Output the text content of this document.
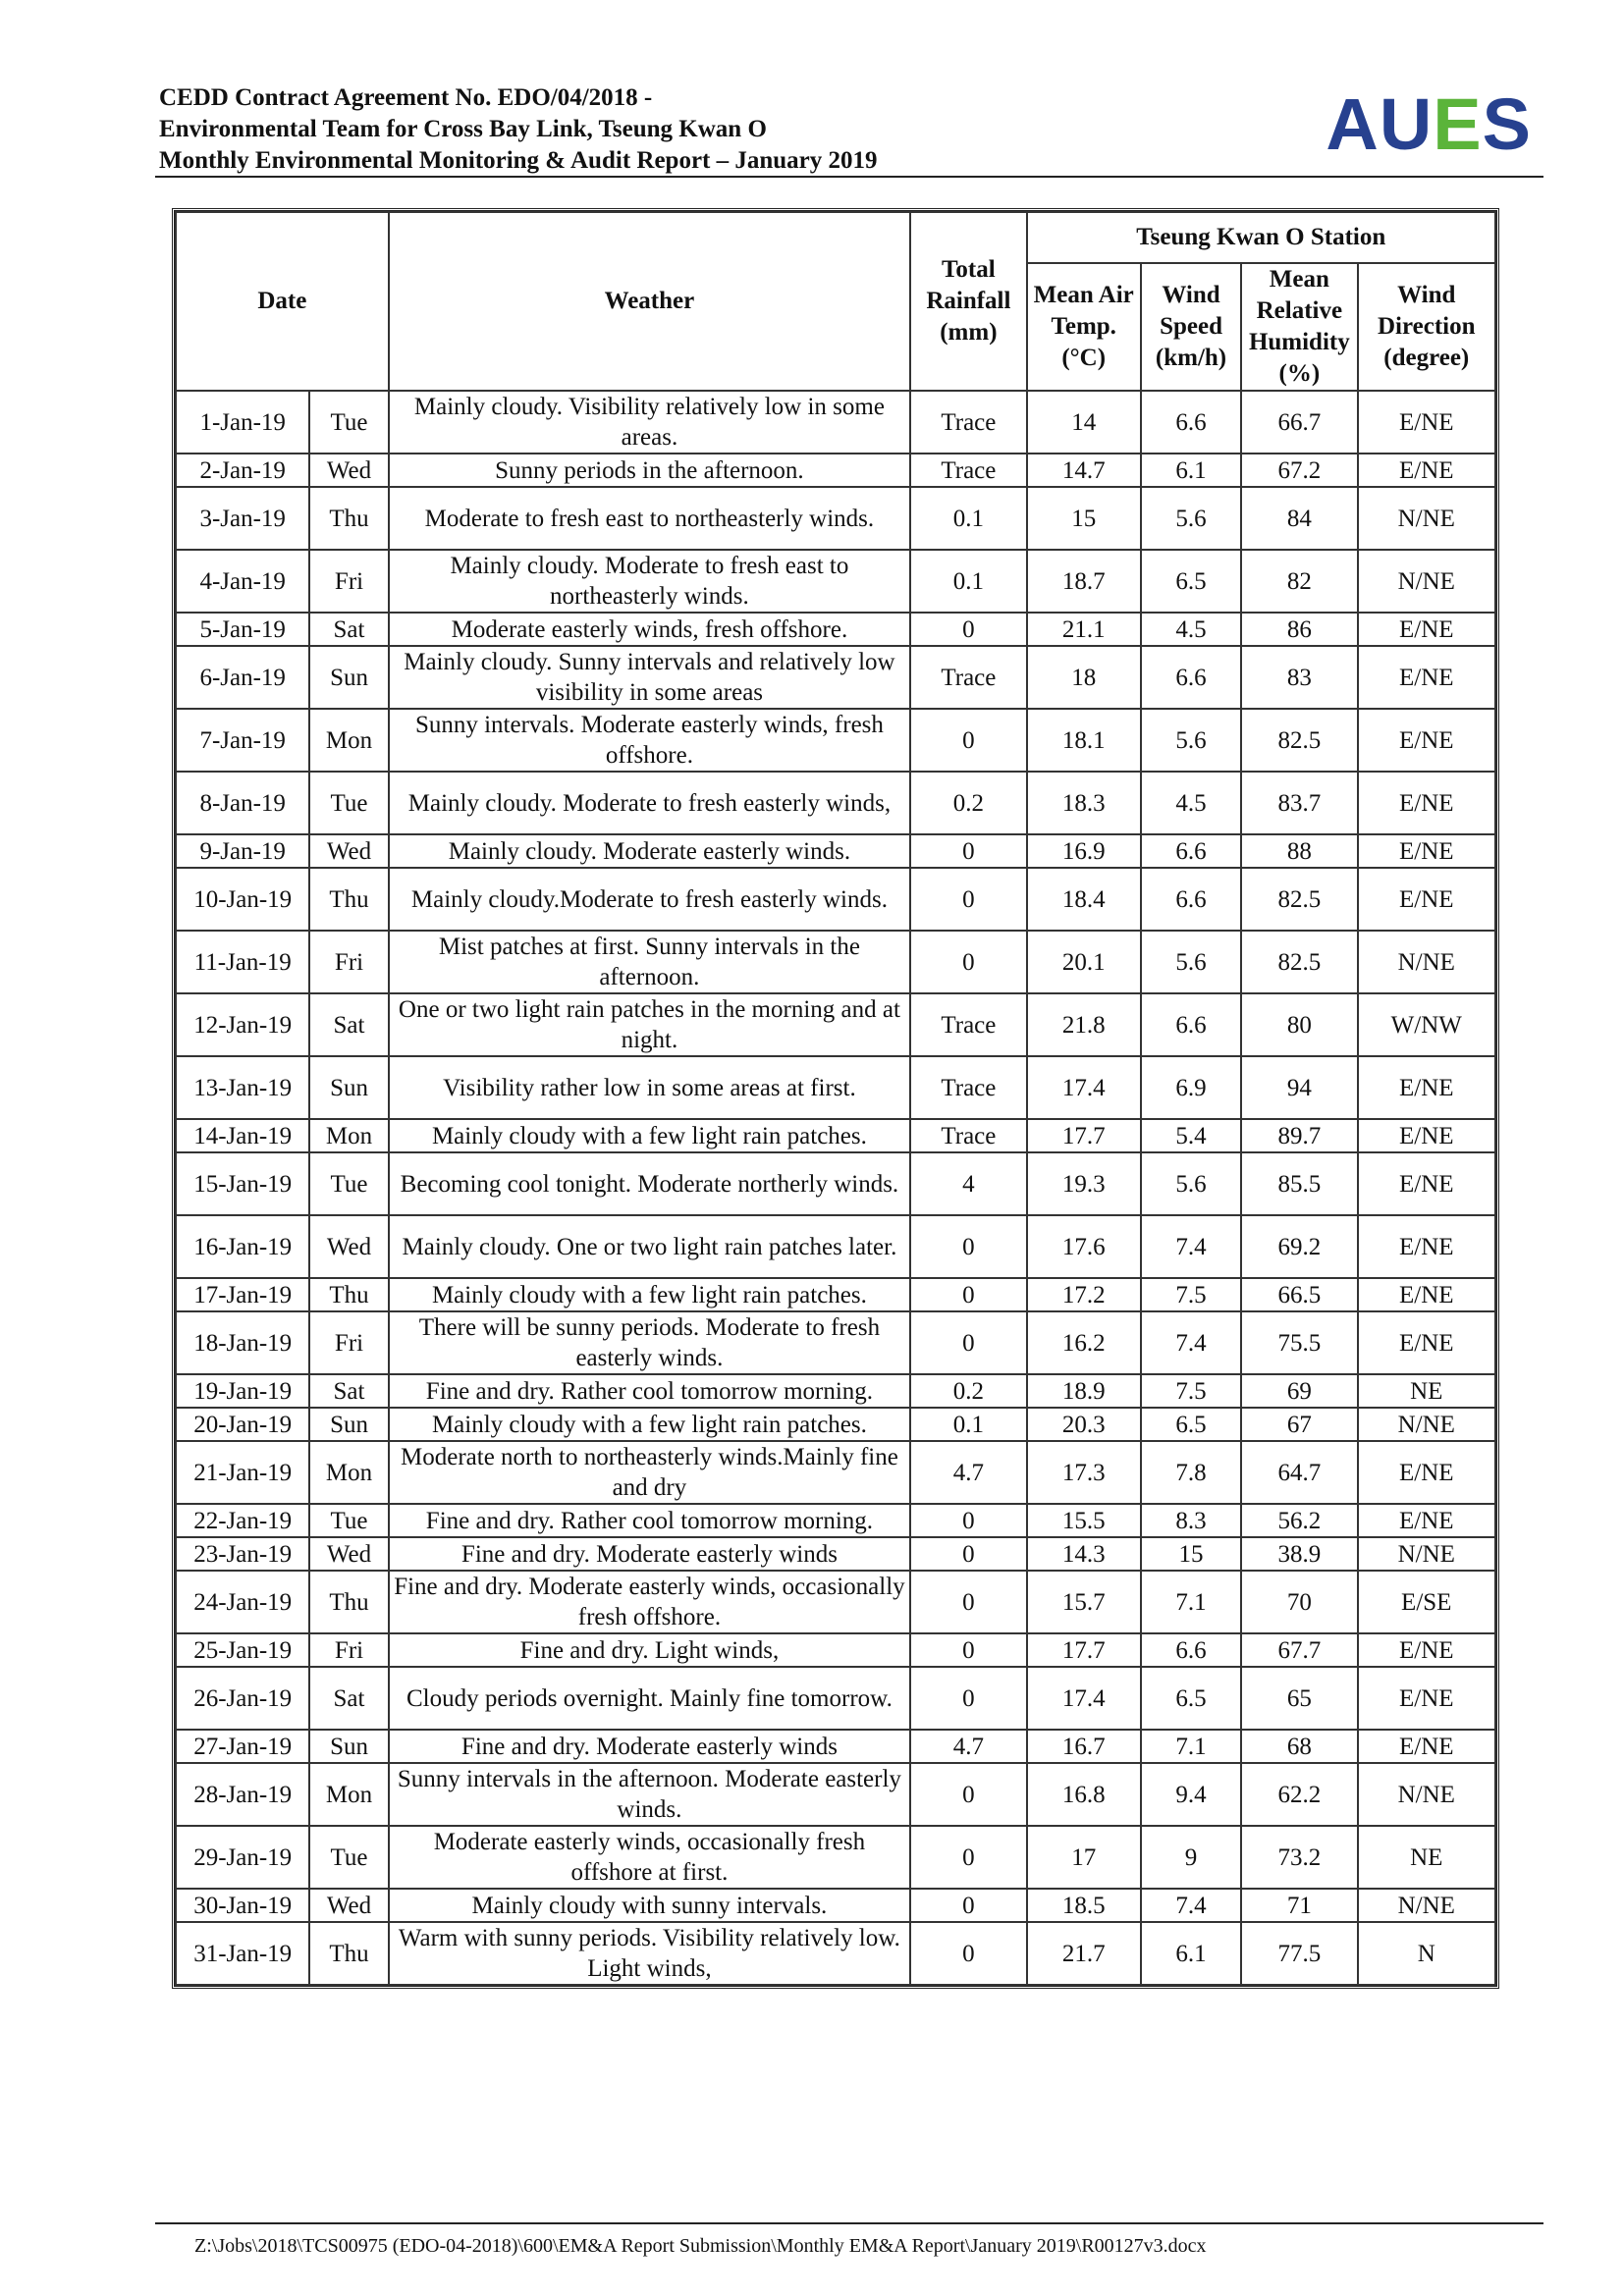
CEDD Contract Agreement No. EDO/04/2018 -
Environmental Team for Cross Bay Link, Tseung Kwan O
Monthly Environmental Monitoring & Audit Report – January 2019	AUES
Date		Weather	Total Rainfall (mm)	Tseung Kwan O Station			
				Mean Air Temp. (°C)	Wind Speed (km/h)	Mean Relative Humidity (%)	Wind Direction (degree)
1-Jan-19	Tue	Mainly cloudy. Visibility relatively low in some areas.	Trace	14	6.6	66.7	E/NE
2-Jan-19	Wed	Sunny periods in the afternoon.	Trace	14.7	6.1	67.2	E/NE
3-Jan-19	Thu	Moderate to fresh east to northeasterly winds.	0.1	15	5.6	84	N/NE
4-Jan-19	Fri	Mainly cloudy. Moderate to fresh east to northeasterly winds.	0.1	18.7	6.5	82	N/NE
5-Jan-19	Sat	Moderate easterly winds, fresh offshore.	0	21.1	4.5	86	E/NE
6-Jan-19	Sun	Mainly cloudy. Sunny intervals and relatively low visibility in some areas	Trace	18	6.6	83	E/NE
7-Jan-19	Mon	Sunny intervals. Moderate easterly winds, fresh offshore.	0	18.1	5.6	82.5	E/NE
8-Jan-19	Tue	Mainly cloudy. Moderate to fresh easterly winds,	0.2	18.3	4.5	83.7	E/NE
9-Jan-19	Wed	Mainly cloudy. Moderate easterly winds.	0	16.9	6.6	88	E/NE
10-Jan-19	Thu	Mainly cloudy.Moderate to fresh easterly winds.	0	18.4	6.6	82.5	E/NE
11-Jan-19	Fri	Mist patches at first. Sunny intervals in the afternoon.	0	20.1	5.6	82.5	N/NE
12-Jan-19	Sat	One or two light rain patches in the morning and at night.	Trace	21.8	6.6	80	W/NW
13-Jan-19	Sun	Visibility rather low in some areas at first.	Trace	17.4	6.9	94	E/NE
14-Jan-19	Mon	Mainly cloudy with a few light rain patches.	Trace	17.7	5.4	89.7	E/NE
15-Jan-19	Tue	Becoming cool tonight. Moderate northerly winds.	4	19.3	5.6	85.5	E/NE
16-Jan-19	Wed	Mainly cloudy. One or two light rain patches later.	0	17.6	7.4	69.2	E/NE
17-Jan-19	Thu	Mainly cloudy with a few light rain patches.	0	17.2	7.5	66.5	E/NE
18-Jan-19	Fri	There will be sunny periods. Moderate to fresh easterly winds.	0	16.2	7.4	75.5	E/NE
19-Jan-19	Sat	Fine and dry. Rather cool tomorrow morning.	0.2	18.9	7.5	69	NE
20-Jan-19	Sun	Mainly cloudy with a few light rain patches.	0.1	20.3	6.5	67	N/NE
21-Jan-19	Mon	Moderate north to northeasterly winds.Mainly fine and dry	4.7	17.3	7.8	64.7	E/NE
22-Jan-19	Tue	Fine and dry. Rather cool tomorrow morning.	0	15.5	8.3	56.2	E/NE
23-Jan-19	Wed	Fine and dry. Moderate easterly winds	0	14.3	15	38.9	N/NE
24-Jan-19	Thu	Fine and dry. Moderate easterly winds, occasionally fresh offshore.	0	15.7	7.1	70	E/SE
25-Jan-19	Fri	Fine and dry. Light winds,	0	17.7	6.6	67.7	E/NE
26-Jan-19	Sat	Cloudy periods overnight. Mainly fine tomorrow.	0	17.4	6.5	65	E/NE
27-Jan-19	Sun	Fine and dry. Moderate easterly winds	4.7	16.7	7.1	68	E/NE
28-Jan-19	Mon	Sunny intervals in the afternoon. Moderate easterly winds.	0	16.8	9.4	62.2	N/NE
29-Jan-19	Tue	Moderate easterly winds, occasionally fresh offshore at first.	0	17	9	73.2	NE
30-Jan-19	Wed	Mainly cloudy with sunny intervals.	0	18.5	7.4	71	N/NE
31-Jan-19	Thu	Warm with sunny periods. Visibility relatively low. Light winds,	0	21.7	6.1	77.5	N
Z:\Jobs\2018\TCS00975 (EDO-04-2018)\600\EM&A Report Submission\Monthly EM&A Report\January 2019\R00127v3.docx
